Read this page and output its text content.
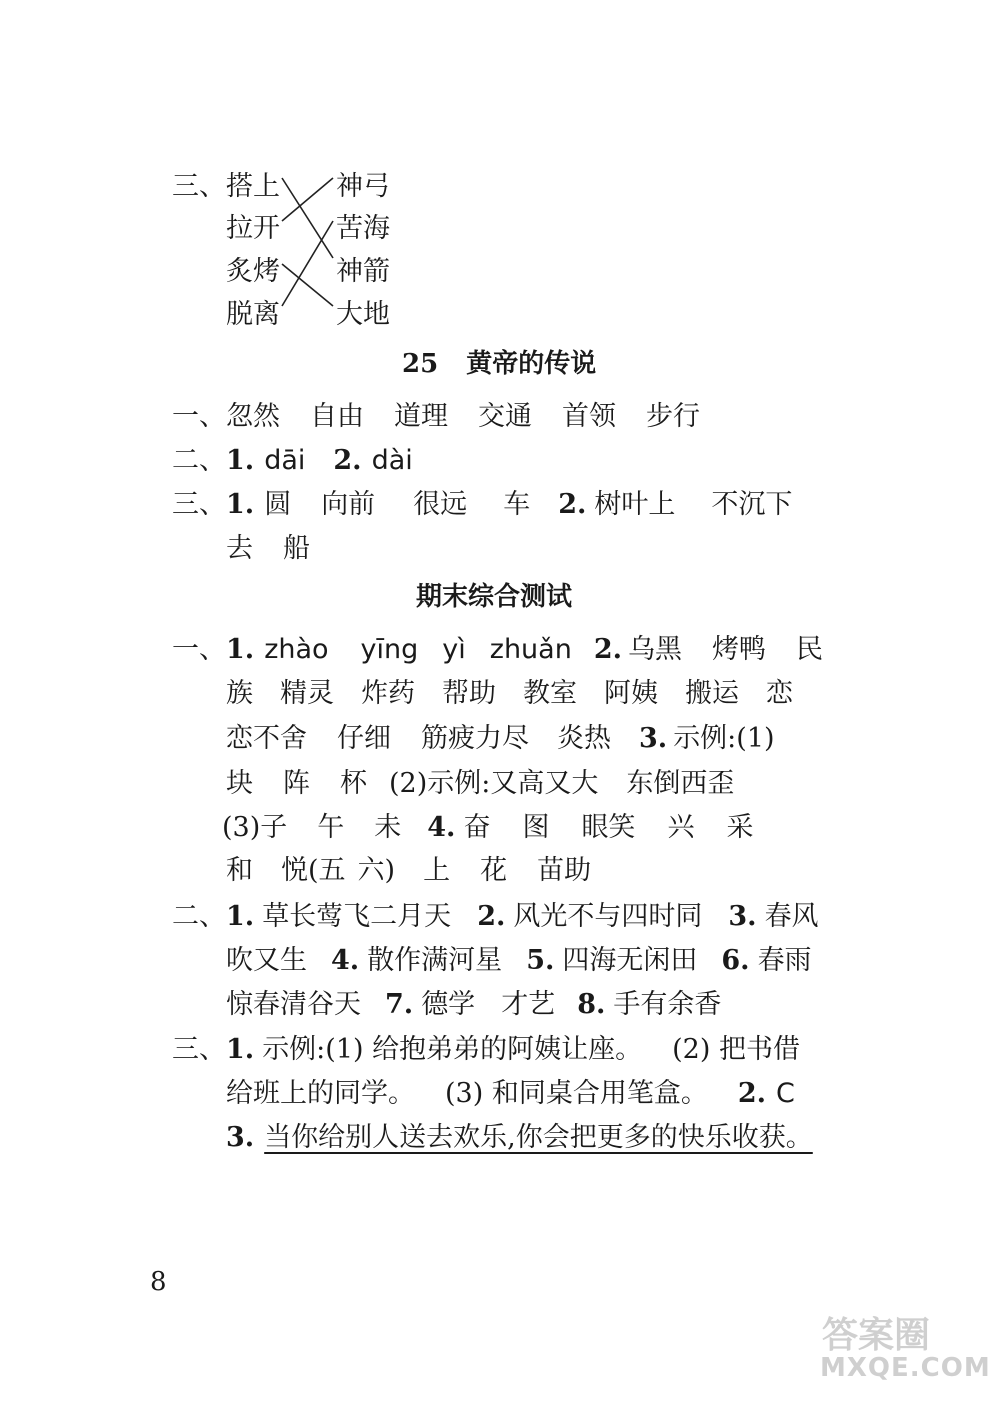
三、 搭上
拉开
炙烤
脱离
神弓
苦海
神箭
大地
25 黄帝的传说
一、忽然 自由 道理 交通 首领 步行
二、1. dāi 2. dài
三、1. 圆 向前 很远 车 2. 树叶上 不沉下
去 船
期末综合测试
一、1. zhào yīng yì zhuǎn 2. 乌黑 烤鸭 民
族 精灵 炸药 帮助 教室 阿姨 搬运 恋
恋不舍 仔细 筋疲力尽 炎热 3. 示例:(1)
块 阵 杯 (2)示例:又高又大 东倒西歪
(3)子 午 未 4. 奋 图 眼笑 兴 采
和 悦(五 六) 上 花 苗助
二、1. 草长莺飞二月天 2. 风光不与四时同 3. 春风
吹又生 4. 散作满河星 5. 四海无闲田 6. 春雨
惊春清谷天 7. 德学 才艺 8. 手有余香
三、1. 示例:(1) 给抱弟弟的阿姨让座。 (2) 把书借
给班上的同学。 (3) 和同桌合用笔盒。 2. C
3. 当你给别人送去欢乐,你会把更多的快乐收获。
8
答案圈
MXQE.COM
